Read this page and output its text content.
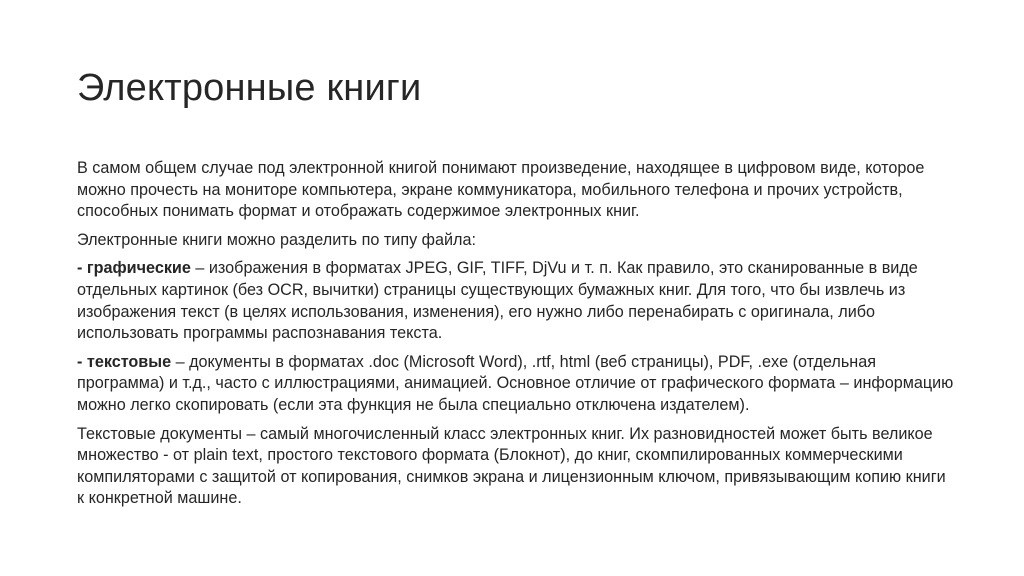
Электронные книги

В самом общем случае под электронной книгой понимают произведение, находящее в цифровом виде, которое можно прочесть на мониторе компьютера, экране коммуникатора, мобильного телефона и прочих устройств, способных понимать формат и отображать содержимое электронных книг.

Электронные книги можно разделить по типу файла:

- графические – изображения в форматах JPEG, GIF, TIFF, DjVu и т. п. Как правило, это сканированные в виде отдельных картинок (без OCR, вычитки) страницы существующих бумажных книг. Для того, что бы извлечь из изображения текст (в целях использования, изменения), его нужно либо перенабирать с оригинала, либо использовать программы распознавания текста.

- текстовые – документы в форматах .doc (Microsoft Word), .rtf, html (веб страницы), PDF, .exe (отдельная программа) и т.д., часто с иллюстрациями, анимацией. Основное отличие от графического формата – информацию можно легко скопировать (если эта функция не была специально отключена издателем).

Текстовые документы – самый многочисленный класс электронных книг. Их разновидностей может быть великое множество - от plain text, простого текстового формата (Блокнот), до книг, скомпилированных коммерческими компиляторами с защитой от копирования, снимков экрана и лицензионным ключом, привязывающим копию книги к конкретной машине.
